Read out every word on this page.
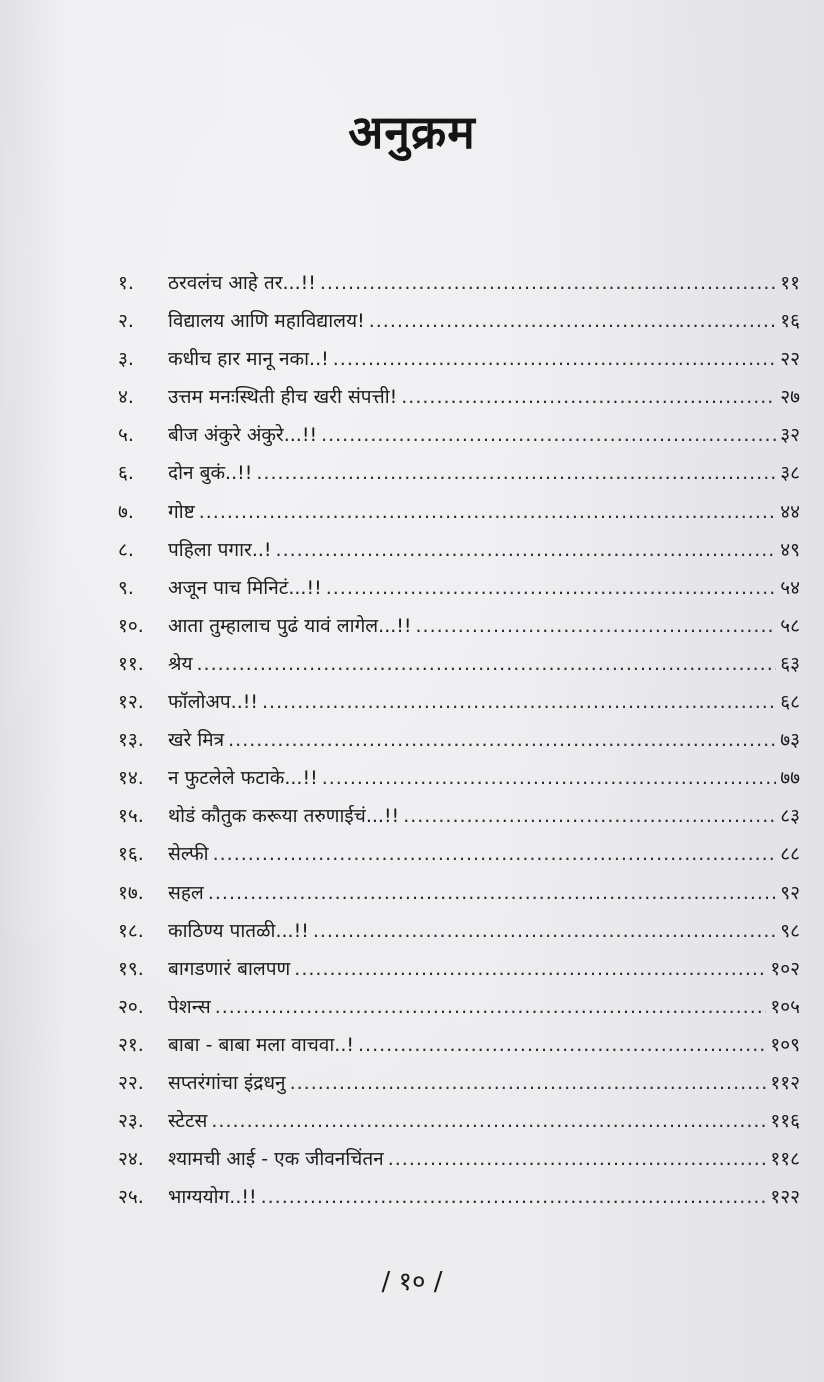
अनुक्रम
१.	ठरवलंच आहे तर...!! .....	११
२.	विद्यालय आणि महाविद्यालय! .....	१६
३.	कधीच हार मानू नका..! .....	२२
४.	उत्तम मनःस्थिती हीच खरी संपत्ती! .....	२७
५.	बीज अंकुरे अंकुरे...!! .....	३२
६.	दोन बुकं..!! .....	३८
७.	गोष्ट .....	४४
८.	पहिला पगार..! .....	४९
९.	अजून पाच मिनिटं...!! .....	५४
१०.	आता तुम्हालाच पुढं यावं लागेल...!! .....	५८
११.	श्रेय .....	६३
१२.	फॉलोअप..!! .....	६८
१३.	खरे मित्र .....	७३
१४.	न फुटलेले फटाके...!! .....	७७
१५.	थोडं कौतुक करूया तरुणाईचं...!! .....	८३
१६.	सेल्फी .....	८८
१७.	सहल .....	९२
१८.	काठिण्य पातळी...!! .....	९८
१९.	बागडणारं बालपण .....	१०२
२०.	पेशन्स .....	१०५
२१.	बाबा - बाबा मला वाचवा..! .....	१०९
२२.	सप्तरंगांचा इंद्रधनु .....	११२
२३.	स्टेटस .....	११६
२४.	श्यामची आई - एक जीवनचिंतन .....	११८
२५.	भाग्ययोग..!! .....	१२२
/ १० /
